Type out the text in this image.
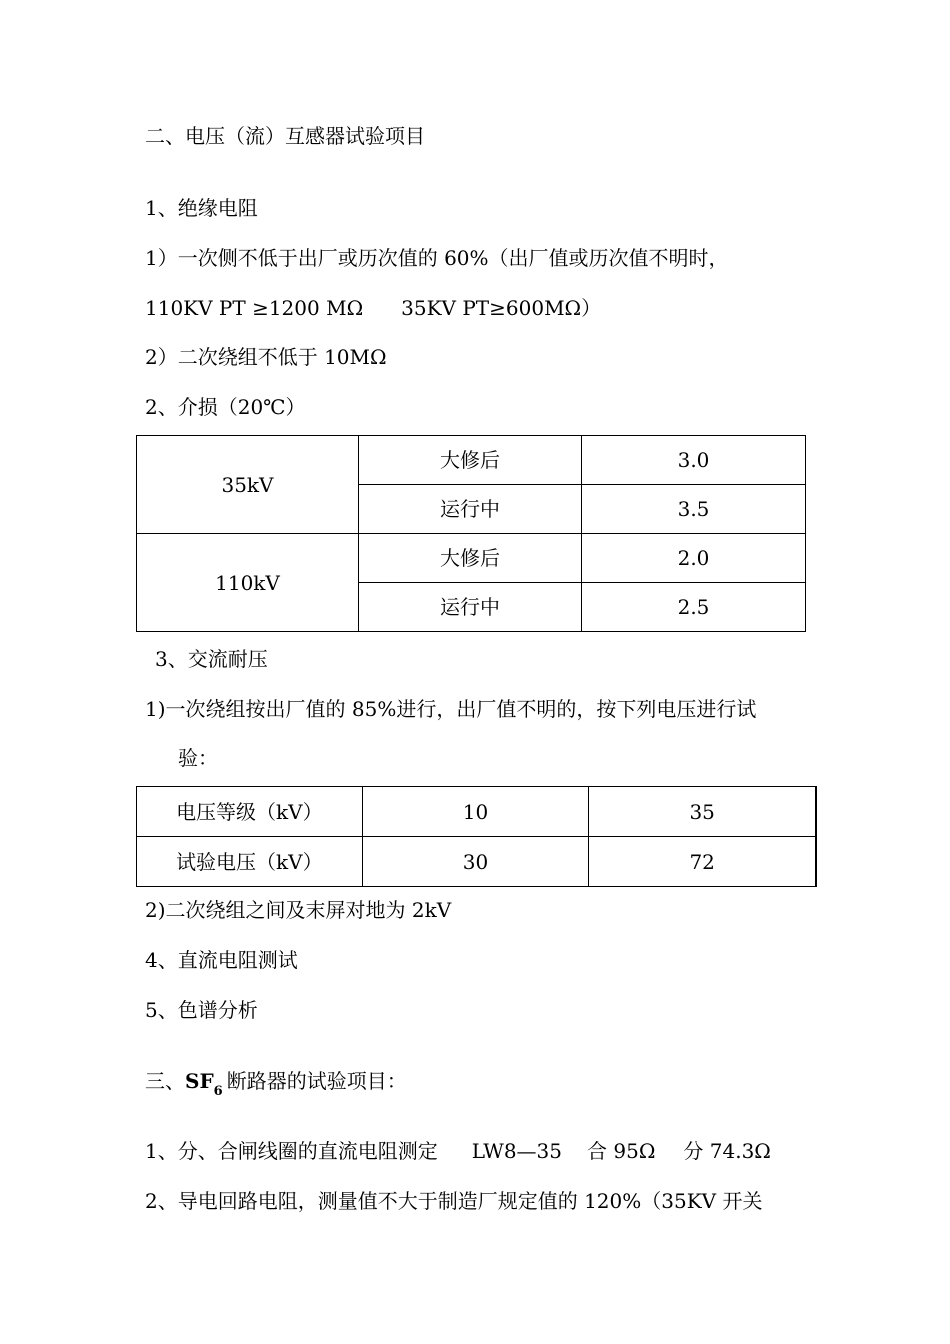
二、电压（流）互感器试验项目
1、绝缘电阻
1）一次侧不低于出厂或历次值的 60%（出厂值或历次值不明时，
110KV PT ≥1200 MΩ 35KV PT≥600MΩ）
2）二次绕组不低于 10MΩ
2、介损（20℃）
35kV	大修后	3.0
	运行中	3.5
110kV	大修后	2.0
	运行中	2.5
3、交流耐压
1)一次绕组按出厂值的 85%进行，出厂值不明的，按下列电压进行试
验：
电压等级（kV）	10	35
试验电压（kV）	30	72
2)二次绕组之间及末屏对地为 2kV
4、直流电阻测试
5、色谱分析
三、$SF_6$ 断路器的试验项目：
1、分、合闸线圈的直流电阻测定 LW8—35 合 95Ω 分 74.3Ω
2、导电回路电阻，测量值不大于制造厂规定值的 120%（35KV 开关
